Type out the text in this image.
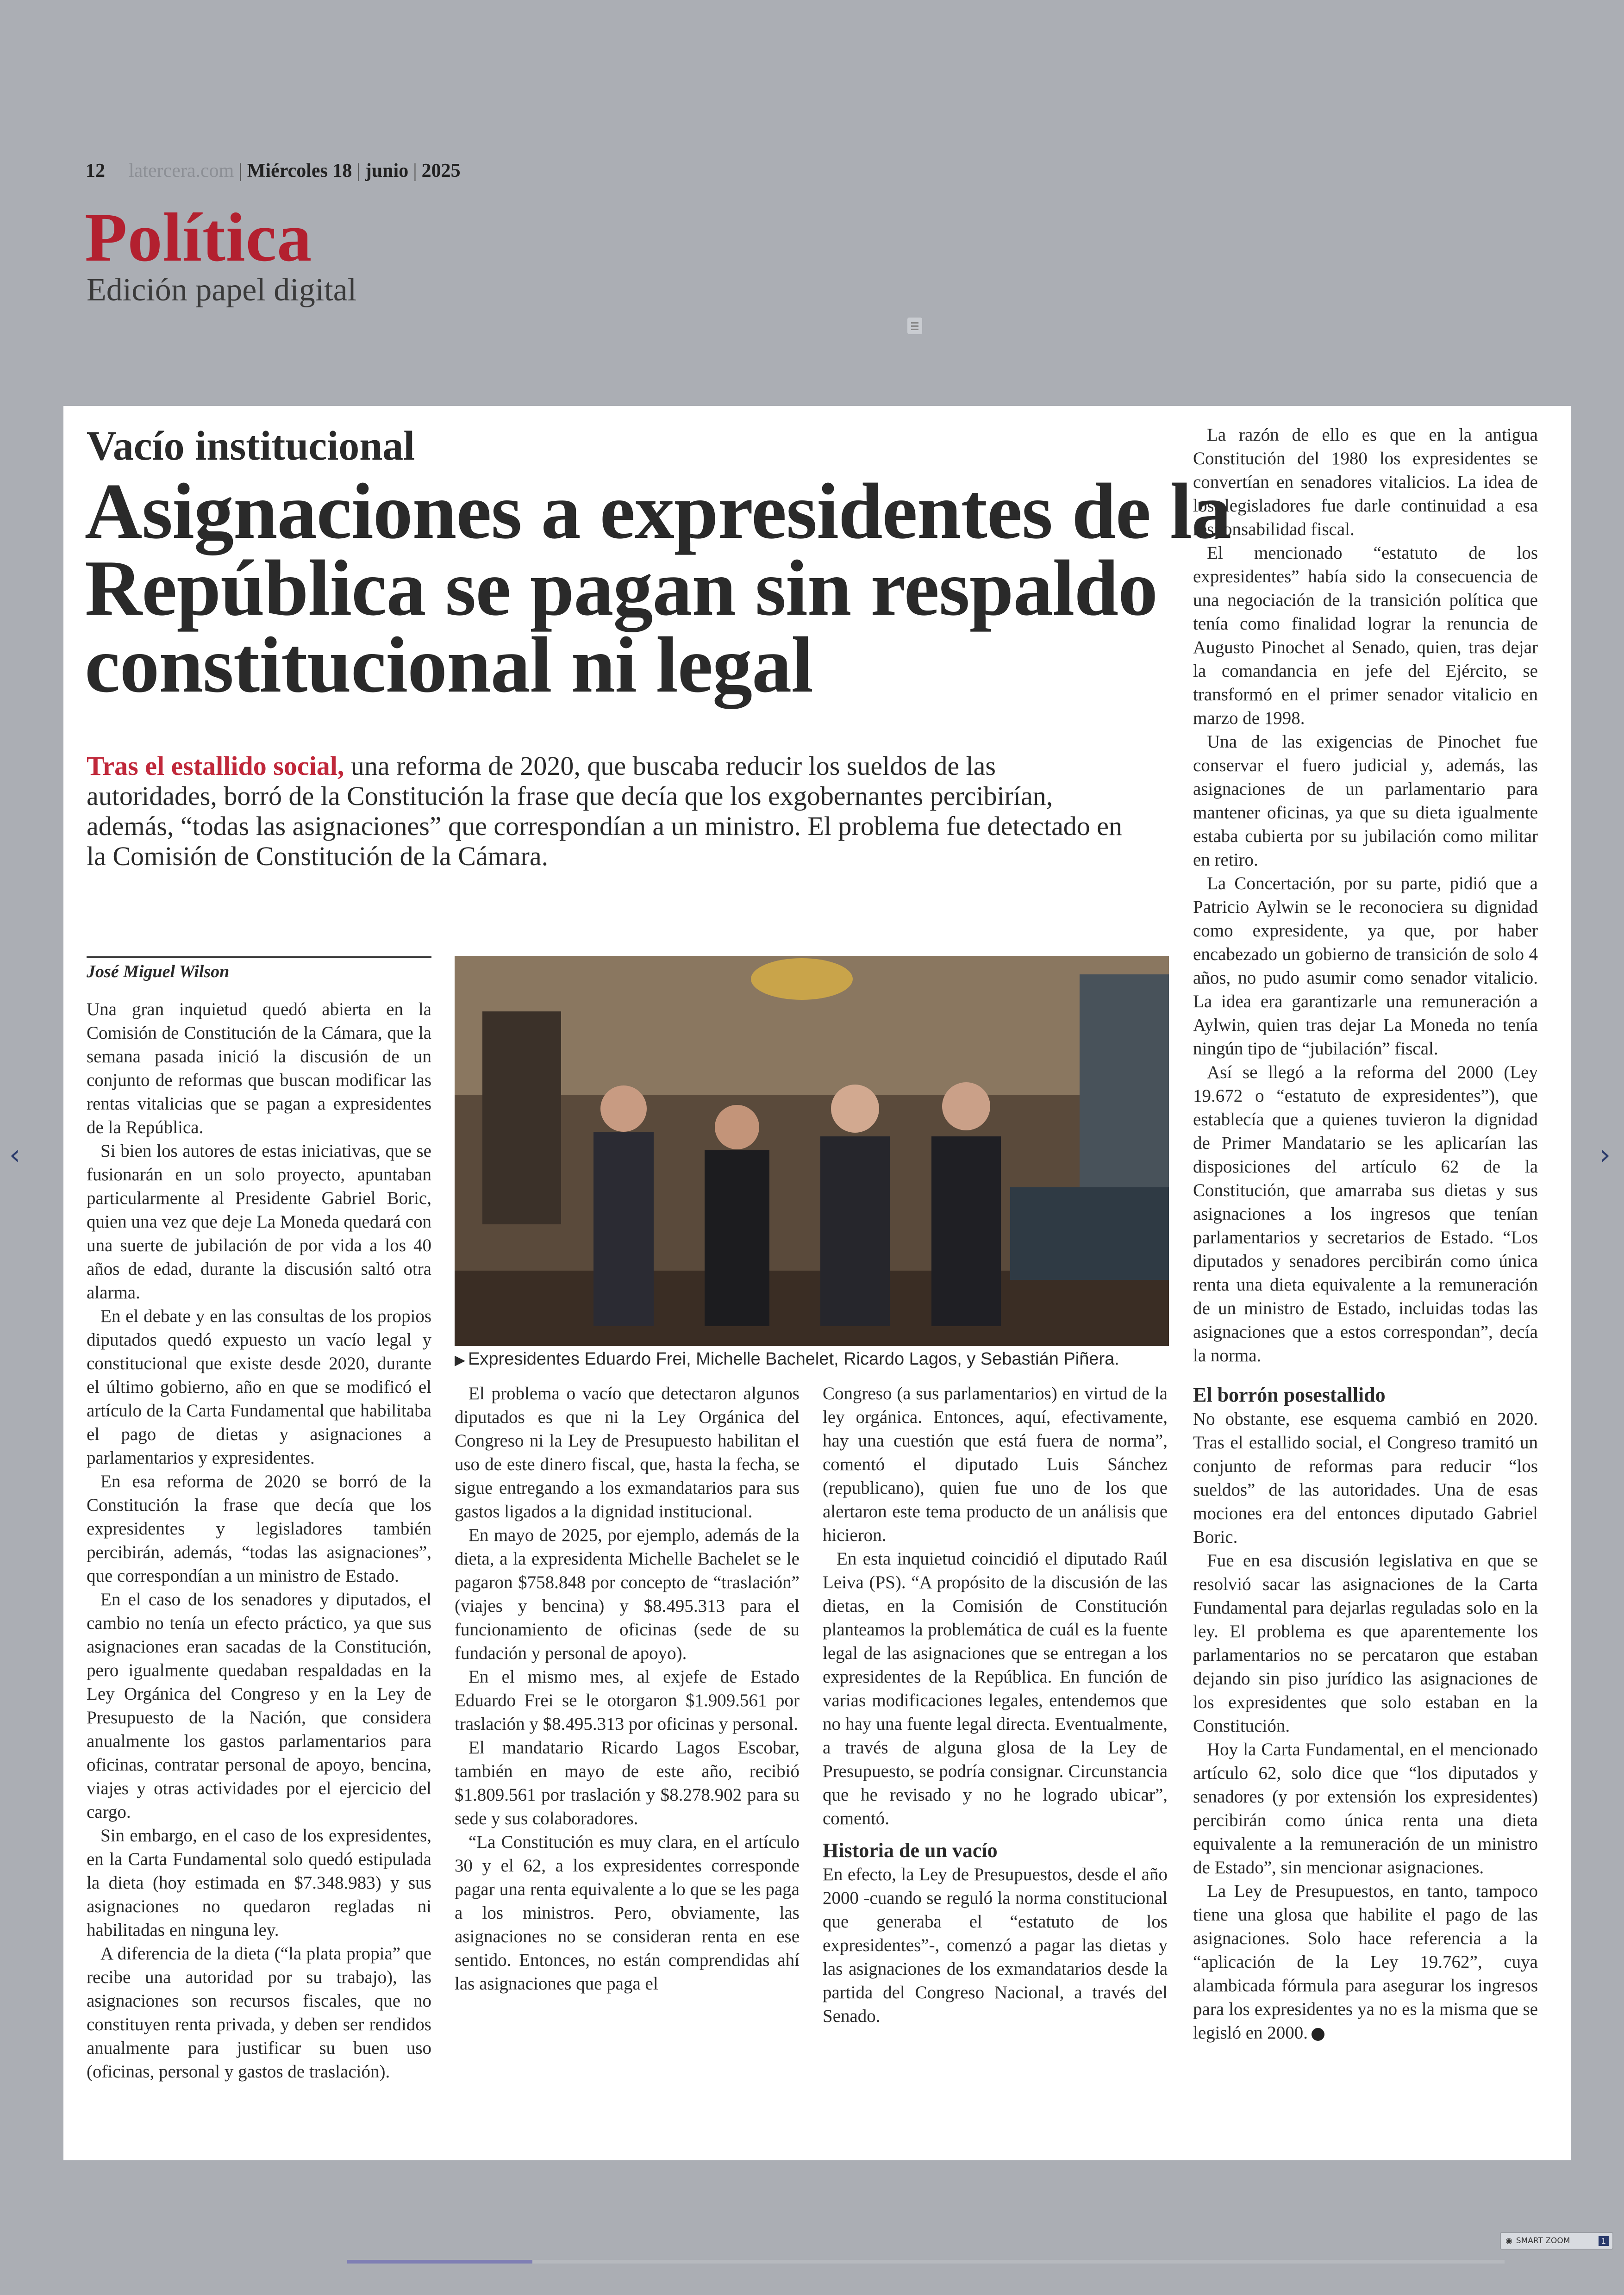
12 latercera.com | Miércoles 18 | junio | 2025
Política
Edición papel digital
Vacío institucional
Asignaciones a expresidentes de la República se pagan sin respaldo constitucional ni legal

Tras el estallido social, una reforma de 2020, que buscaba reducir los sueldos de las autoridades, borró de la Constitución la frase que decía que los exgobernantes percibirían, además, “todas las asignaciones” que correspondían a un ministro. El problema fue detectado en la Comisión de Constitución de la Cámara.

José Miguel Wilson
▶ Expresidentes Eduardo Frei, Michelle Bachelet, Ricardo Lagos, y Sebastián Piñera.

Una gran inquietud quedó abierta en la Comisión de Constitución de la Cámara, que la semana pasada inició la discusión de un conjunto de reformas que buscan modificar las rentas vitalicias que se pagan a expresidentes de la República.

Si bien los autores de estas iniciativas, que se fusionarán en un solo proyecto, apuntaban particularmente al Presidente Gabriel Boric, quien una vez que deje La Moneda quedará con una suerte de jubilación de por vida a los 40 años de edad, durante la discusión saltó otra alarma.

En el debate y en las consultas de los propios diputados quedó expuesto un vacío legal y constitucional que existe desde 2020, durante el último gobierno, año en que se modificó el artículo de la Carta Fundamental que habilitaba el pago de dietas y asignaciones a parlamentarios y expresidentes.

En esa reforma de 2020 se borró de la Constitución la frase que decía que los expresidentes y legisladores también percibirán, además, “todas las asignaciones”, que correspondían a un ministro de Estado.

En el caso de los senadores y diputados, el cambio no tenía un efecto práctico, ya que sus asignaciones eran sacadas de la Constitución, pero igualmente quedaban respaldadas en la Ley Orgánica del Congreso y en la Ley de Presupuesto de la Nación, que considera anualmente los gastos parlamentarios para oficinas, contratar personal de apoyo, bencina, viajes y otras actividades por el ejercicio del cargo.

Sin embargo, en el caso de los expresidentes, en la Carta Fundamental solo quedó estipulada la dieta (hoy estimada en $7.348.983) y sus asignaciones no quedaron regladas ni habilitadas en ninguna ley.

A diferencia de la dieta (“la plata propia” que recibe una autoridad por su trabajo), las asignaciones son recursos fiscales, que no constituyen renta privada, y deben ser rendidos anualmente para justificar su buen uso (oficinas, personal y gastos de traslación).

El problema o vacío que detectaron algunos diputados es que ni la Ley Orgánica del Congreso ni la Ley de Presupuesto habilitan el uso de este dinero fiscal, que, hasta la fecha, se sigue entregando a los exmandatarios para sus gastos ligados a la dignidad institucional.

En mayo de 2025, por ejemplo, además de la dieta, a la expresidenta Michelle Bachelet se le pagaron $758.848 por concepto de “traslación” (viajes y bencina) y $8.495.313 para el funcionamiento de oficinas (sede de su fundación y personal de apoyo).

En el mismo mes, al exjefe de Estado Eduardo Frei se le otorgaron $1.909.561 por traslación y $8.495.313 por oficinas y personal.

El mandatario Ricardo Lagos Escobar, también en mayo de este año, recibió $1.809.561 por traslación y $8.278.902 para su sede y sus colaboradores.

“La Constitución es muy clara, en el artículo 30 y el 62, a los expresidentes corresponde pagar una renta equivalente a lo que se les paga a los ministros. Pero, obviamente, las asignaciones no se consideran renta en ese sentido. Entonces, no están comprendidas ahí las asignaciones que paga el

Congreso (a sus parlamentarios) en virtud de la ley orgánica. Entonces, aquí, efectivamente, hay una cuestión que está fuera de norma”, comentó el diputado Luis Sánchez (republicano), quien fue uno de los que alertaron este tema producto de un análisis que hicieron.

En esta inquietud coincidió el diputado Raúl Leiva (PS). “A propósito de la discusión de las dietas, en la Comisión de Constitución planteamos la problemática de cuál es la fuente legal de las asignaciones que se entregan a los expresidentes de la República. En función de varias modificaciones legales, entendemos que no hay una fuente legal directa. Eventualmente, a través de alguna glosa de la Ley de Presupuesto, se podría consignar. Circunstancia que he revisado y no he logrado ubicar”, comentó.

Historia de un vacío

En efecto, la Ley de Presupuestos, desde el año 2000 -cuando se reguló la norma constitucional que generaba el “estatuto de los expresidentes”-, comenzó a pagar las dietas y las asignaciones de los exmandatarios desde la partida del Congreso Nacional, a través del Senado.

La razón de ello es que en la antigua Constitución del 1980 los expresidentes se convertían en senadores vitalicios. La idea de los legisladores fue darle continuidad a esa responsabilidad fiscal.

El mencionado “estatuto de los expresidentes” había sido la consecuencia de una negociación de la transición política que tenía como finalidad lograr la renuncia de Augusto Pinochet al Senado, quien, tras dejar la comandancia en jefe del Ejército, se transformó en el primer senador vitalicio en marzo de 1998.

Una de las exigencias de Pinochet fue conservar el fuero judicial y, además, las asignaciones de un parlamentario para mantener oficinas, ya que su dieta igualmente estaba cubierta por su jubilación como militar en retiro.

La Concertación, por su parte, pidió que a Patricio Aylwin se le reconociera su dignidad como expresidente, ya que, por haber encabezado un gobierno de transición de solo 4 años, no pudo asumir como senador vitalicio. La idea era garantizarle una remuneración a Aylwin, quien tras dejar La Moneda no tenía ningún tipo de “jubilación” fiscal.

Así se llegó a la reforma del 2000 (Ley 19.672 o “estatuto de expresidentes”), que establecía que a quienes tuvieron la dignidad de Primer Mandatario se les aplicarían las disposiciones del artículo 62 de la Constitución, que amarraba sus dietas y sus asignaciones a los ingresos que tenían parlamentarios y secretarios de Estado. “Los diputados y senadores percibirán como única renta una dieta equivalente a la remuneración de un ministro de Estado, incluidas todas las asignaciones que a estos correspondan”, decía la norma.

El borrón posestallido

No obstante, ese esquema cambió en 2020. Tras el estallido social, el Congreso tramitó un conjunto de reformas para reducir “los sueldos” de las autoridades. Una de esas mociones era del entonces diputado Gabriel Boric.

Fue en esa discusión legislativa en que se resolvió sacar las asignaciones de la Carta Fundamental para dejarlas reguladas solo en la ley. El problema es que aparentemente los parlamentarios no se percataron que estaban dejando sin piso jurídico las asignaciones de los expresidentes que solo estaban en la Constitución.

Hoy la Carta Fundamental, en el mencionado artículo 62, solo dice que “los diputados y senadores (y por extensión los expresidentes) percibirán como única renta una dieta equivalente a la remuneración de un ministro de Estado”, sin mencionar asignaciones.

La Ley de Presupuestos, en tanto, tampoco tiene una glosa que habilite el pago de las asignaciones. Solo hace referencia a la “aplicación de la Ley 19.762”, cuya alambicada fórmula para asegurar los ingresos para los expresidentes ya no es la misma que se legisló en 2000.

‹	›
◉ SMART ZOOM	1
